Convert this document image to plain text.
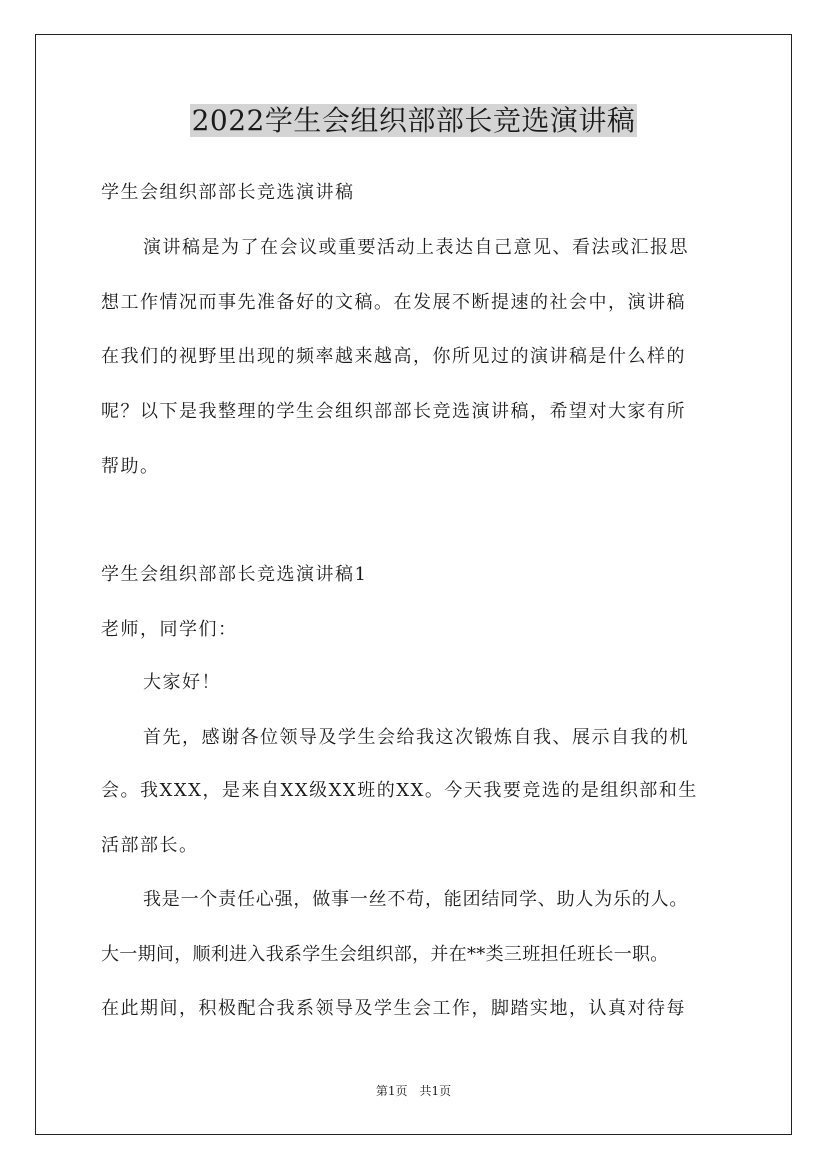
2022学生会组织部部长竞选演讲稿
学生会组织部部长竞选演讲稿
演讲稿是为了在会议或重要活动上表达自己意见、看法或汇报思
想工作情况而事先准备好的文稿。在发展不断提速的社会中，演讲稿
在我们的视野里出现的频率越来越高，你所见过的演讲稿是什么样的
呢？以下是我整理的学生会组织部部长竞选演讲稿，希望对大家有所
帮助。
学生会组织部部长竞选演讲稿1
老师，同学们：
大家好！
首先，感谢各位领导及学生会给我这次锻炼自我、展示自我的机
会。我XXX，是来自XX级XX班的XX。今天我要竞选的是组织部和生
活部部长。
我是一个责任心强，做事一丝不苟，能团结同学、助人为乐的人。
大一期间，顺利进入我系学生会组织部，并在**类三班担任班长一职。
在此期间，积极配合我系领导及学生会工作，脚踏实地，认真对待每
第1页　共1页
